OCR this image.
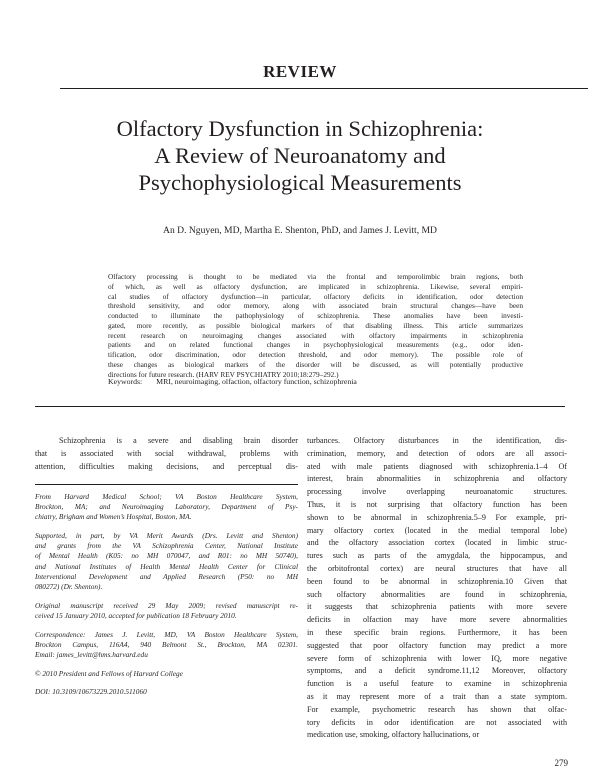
REVIEW
Olfactory Dysfunction in Schizophrenia:
A Review of Neuroanatomy and
Psychophysiological Measurements
An D. Nguyen, MD, Martha E. Shenton, PhD, and James J. Levitt, MD
Olfactory processing is thought to be mediated via the frontal and temporolimbic brain regions, both
of which, as well as olfactory dysfunction, are implicated in schizophrenia. Likewise, several empiri-
cal studies of olfactory dysfunction—in particular, olfactory deficits in identification, odor detection
threshold sensitivity, and odor memory, along with associated brain structural changes—have been
conducted to illuminate the pathophysiology of schizophrenia. These anomalies have been investi-
gated, more recently, as possible biological markers of that disabling illness. This article summarizes
recent research on neuroimaging changes associated with olfactory impairments in schizophrenia
patients and on related functional changes in psychophysiological measurements (e.g., odor iden-
tification, odor discrimination, odor detection threshold, and odor memory). The possible role of
these changes as biological markers of the disorder will be discussed, as will potentially productive
directions for future research. (HARV REV PSYCHIATRY 2010;18:279–292.)
Keywords: MRI, neuroimaging, olfaction, olfactory function, schizophrenia
Schizophrenia is a severe and disabling brain disorder
that is associated with social withdrawal, problems with
attention, difficulties making decisions, and perceptual dis-
From Harvard Medical School; VA Boston Healthcare System,
Brockton, MA; and Neuroimaging Laboratory, Department of Psy-
chiatry, Brigham and Women’s Hospital, Boston, MA.
Supported, in part, by VA Merit Awards (Drs. Levitt and Shenton)
and grants from the VA Schizophrenia Center, National Institute
of Mental Health (K05: no MH 070047, and R01: no MH 50740),
and National Institutes of Health Mental Health Center for Clinical
Interventional Development and Applied Research (P50: no MH
080272) (Dr. Shenton).
Original manuscript received 29 May 2009; revised manuscript re-
ceived 15 January 2010, accepted for publication 18 February 2010.
Correspondence: James J. Levitt, MD, VA Boston Healthcare System,
Brockton Campus, 116A4, 940 Belmont St., Brockton, MA 02301.
Email: james_levitt@hms.harvard.edu
© 2010 President and Fellows of Harvard College
DOI: 10.3109/10673229.2010.511060
turbances. Olfactory disturbances in the identification, dis-
crimination, memory, and detection of odors are all associ-
ated with male patients diagnosed with schizophrenia.1–4 Of
interest, brain abnormalities in schizophrenia and olfactory
processing involve overlapping neuroanatomic structures.
Thus, it is not surprising that olfactory function has been
shown to be abnormal in schizophrenia.5–9 For example, pri-
mary olfactory cortex (located in the medial temporal lobe)
and the olfactory association cortex (located in limbic struc-
tures such as parts of the amygdala, the hippocampus, and
the orbitofrontal cortex) are neural structures that have all
been found to be abnormal in schizophrenia.10 Given that
such olfactory abnormalities are found in schizophrenia,
it suggests that schizophrenia patients with more severe
deficits in olfaction may have more severe abnormalities
in these specific brain regions. Furthermore, it has been
suggested that poor olfactory function may predict a more
severe form of schizophrenia with lower IQ, more negative
symptoms, and a deficit syndrome.11,12 Moreover, olfactory
function is a useful feature to examine in schizophrenia
as it may represent more of a trait than a state symptom.
For example, psychometric research has shown that olfac-
tory deficits in odor identification are not associated with
medication use, smoking, olfactory hallucinations, or
279
